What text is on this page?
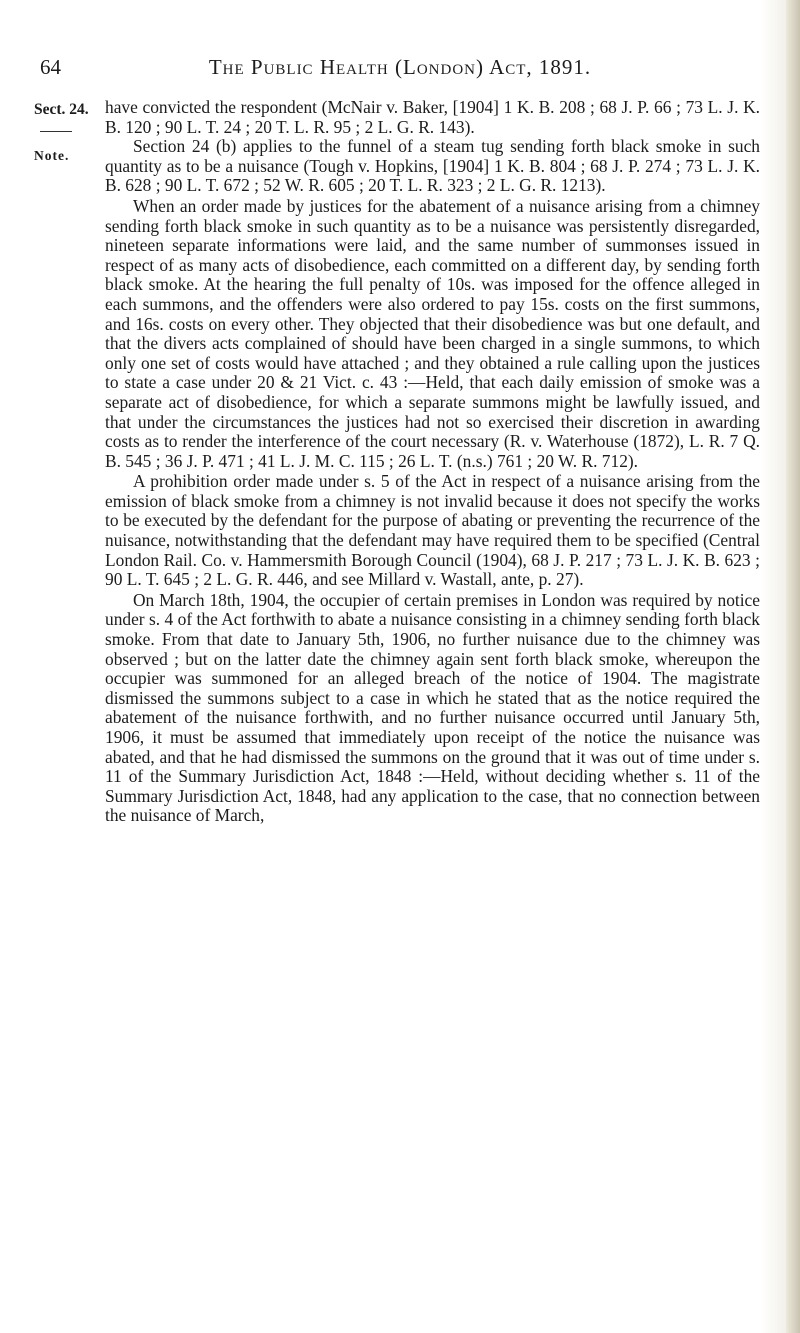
64	The Public Health (London) Act, 1891.
Sect. 24.
Note.

have convicted the respondent (McNair v. Baker, [1904] 1 K. B. 208 ; 68 J. P. 66 ; 73 L. J. K. B. 120 ; 90 L. T. 24 ; 20 T. L. R. 95 ; 2 L. G. R. 143).

Section 24 (b) applies to the funnel of a steam tug sending forth black smoke in such quantity as to be a nuisance (Tough v. Hopkins, [1904] 1 K. B. 804 ; 68 J. P. 274 ; 73 L. J. K. B. 628 ; 90 L. T. 672 ; 52 W. R. 605 ; 20 T. L. R. 323 ; 2 L. G. R. 1213).

When an order made by justices for the abatement of a nuisance arising from a chimney sending forth black smoke in such quantity as to be a nuisance was persistently disregarded, nineteen separate informations were laid, and the same number of summonses issued in respect of as many acts of disobedience, each committed on a different day, by sending forth black smoke. At the hearing the full penalty of 10s. was imposed for the offence alleged in each summons, and the offenders were also ordered to pay 15s. costs on the first summons, and 16s. costs on every other. They objected that their disobedience was but one default, and that the divers acts complained of should have been charged in a single summons, to which only one set of costs would have attached ; and they obtained a rule calling upon the justices to state a case under 20 & 21 Vict. c. 43 :—Held, that each daily emission of smoke was a separate act of disobedience, for which a separate summons might be lawfully issued, and that under the circumstances the justices had not so exercised their discretion in awarding costs as to render the interference of the court necessary (R. v. Waterhouse (1872), L. R. 7 Q. B. 545 ; 36 J. P. 471 ; 41 L. J. M. C. 115 ; 26 L. T. (n.s.) 761 ; 20 W. R. 712).

A prohibition order made under s. 5 of the Act in respect of a nuisance arising from the emission of black smoke from a chimney is not invalid because it does not specify the works to be executed by the defendant for the purpose of abating or preventing the recurrence of the nuisance, notwithstanding that the defendant may have required them to be specified (Central London Rail. Co. v. Hammersmith Borough Council (1904), 68 J. P. 217 ; 73 L. J. K. B. 623 ; 90 L. T. 645 ; 2 L. G. R. 446, and see Millard v. Wastall, ante, p. 27).

On March 18th, 1904, the occupier of certain premises in London was required by notice under s. 4 of the Act forthwith to abate a nuisance consisting in a chimney sending forth black smoke. From that date to January 5th, 1906, no further nuisance due to the chimney was observed ; but on the latter date the chimney again sent forth black smoke, whereupon the occupier was summoned for an alleged breach of the notice of 1904. The magistrate dismissed the summons subject to a case in which he stated that as the notice required the abatement of the nuisance forthwith, and no further nuisance occurred until January 5th, 1906, it must be assumed that immediately upon receipt of the notice the nuisance was abated, and that he had dismissed the summons on the ground that it was out of time under s. 11 of the Summary Jurisdiction Act, 1848 :—Held, without deciding whether s. 11 of the Summary Jurisdiction Act, 1848, had any application to the case, that no connection between the nuisance of March,
